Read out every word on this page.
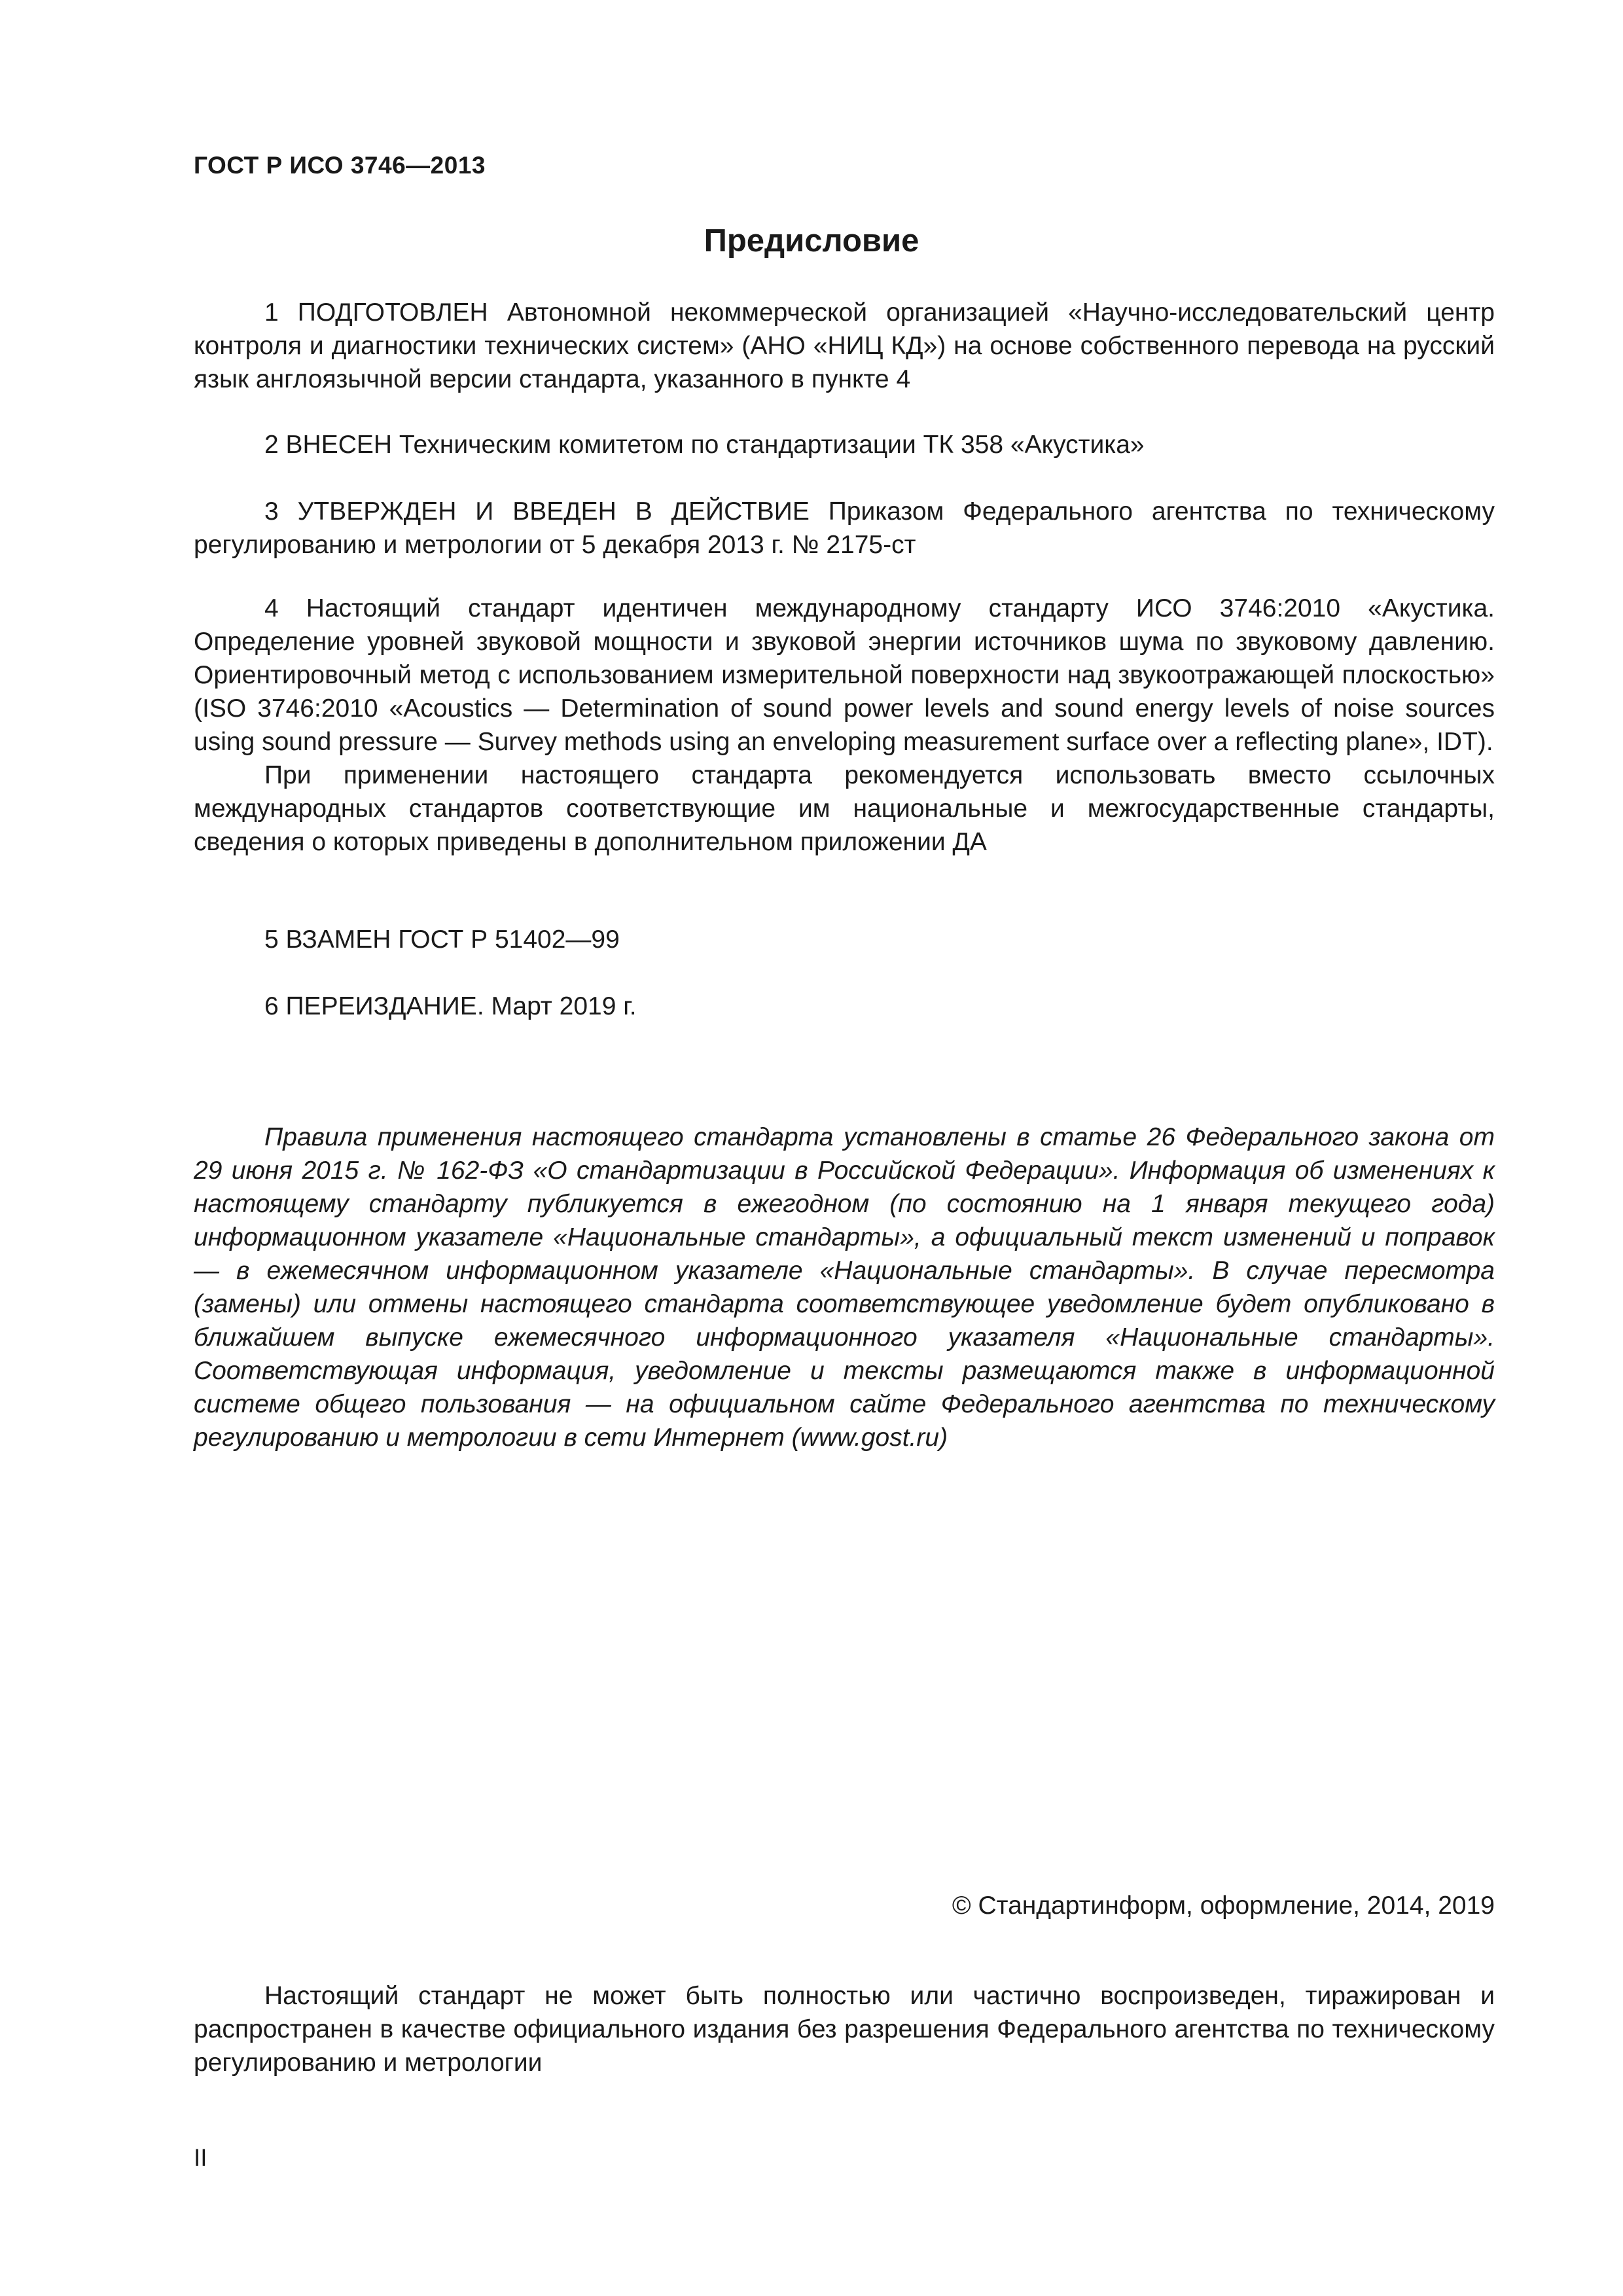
ГОСТ Р ИСО 3746—2013
Предисловие

1 ПОДГОТОВЛЕН Автономной некоммерческой организацией «Научно-исследовательский центр контроля и диагностики технических систем» (АНО «НИЦ КД») на основе собственного перевода на русский язык англоязычной версии стандарта, указанного в пункте 4

2 ВНЕСЕН Техническим комитетом по стандартизации ТК 358 «Акустика»

3 УТВЕРЖДЕН И ВВЕДЕН В ДЕЙСТВИЕ Приказом Федерального агентства по техническому регулированию и метрологии от 5 декабря 2013 г. № 2175-ст

4 Настоящий стандарт идентичен международному стандарту ИСО 3746:2010 «Акустика. Определение уровней звуковой мощности и звуковой энергии источников шума по звуковому давлению. Ориентировочный метод с использованием измерительной поверхности над звукоотражающей плоскостью» (ISO 3746:2010 «Acoustics — Determination of sound power levels and sound energy levels of noise sources using sound pressure — Survey methods using an enveloping measurement surface over a reflecting plane», IDT).

При применении настоящего стандарта рекомендуется использовать вместо ссылочных международных стандартов соответствующие им национальные и межгосударственные стандарты, сведения о которых приведены в дополнительном приложении ДА

5 ВЗАМЕН ГОСТ Р 51402—99

6 ПЕРЕИЗДАНИЕ. Март 2019 г.

Правила применения настоящего стандарта установлены в статье 26 Федерального закона от 29 июня 2015 г. № 162-ФЗ «О стандартизации в Российской Федерации». Информация об изменениях к настоящему стандарту публикуется в ежегодном (по состоянию на 1 января текущего года) информационном указателе «Национальные стандарты», а официальный текст изменений и поправок — в ежемесячном информационном указателе «Национальные стандарты». В случае пересмотра (замены) или отмены настоящего стандарта соответствующее уведомление будет опубликовано в ближайшем выпуске ежемесячного информационного указателя «Национальные стандарты». Соответствующая информация, уведомление и тексты размещаются также в информационной системе общего пользования — на официальном сайте Федерального агентства по техническому регулированию и метрологии в сети Интернет (www.gost.ru)

© Стандартинформ, оформление, 2014, 2019

Настоящий стандарт не может быть полностью или частично воспроизведен, тиражирован и распространен в качестве официального издания без разрешения Федерального агентства по техническому регулированию и метрологии

II
